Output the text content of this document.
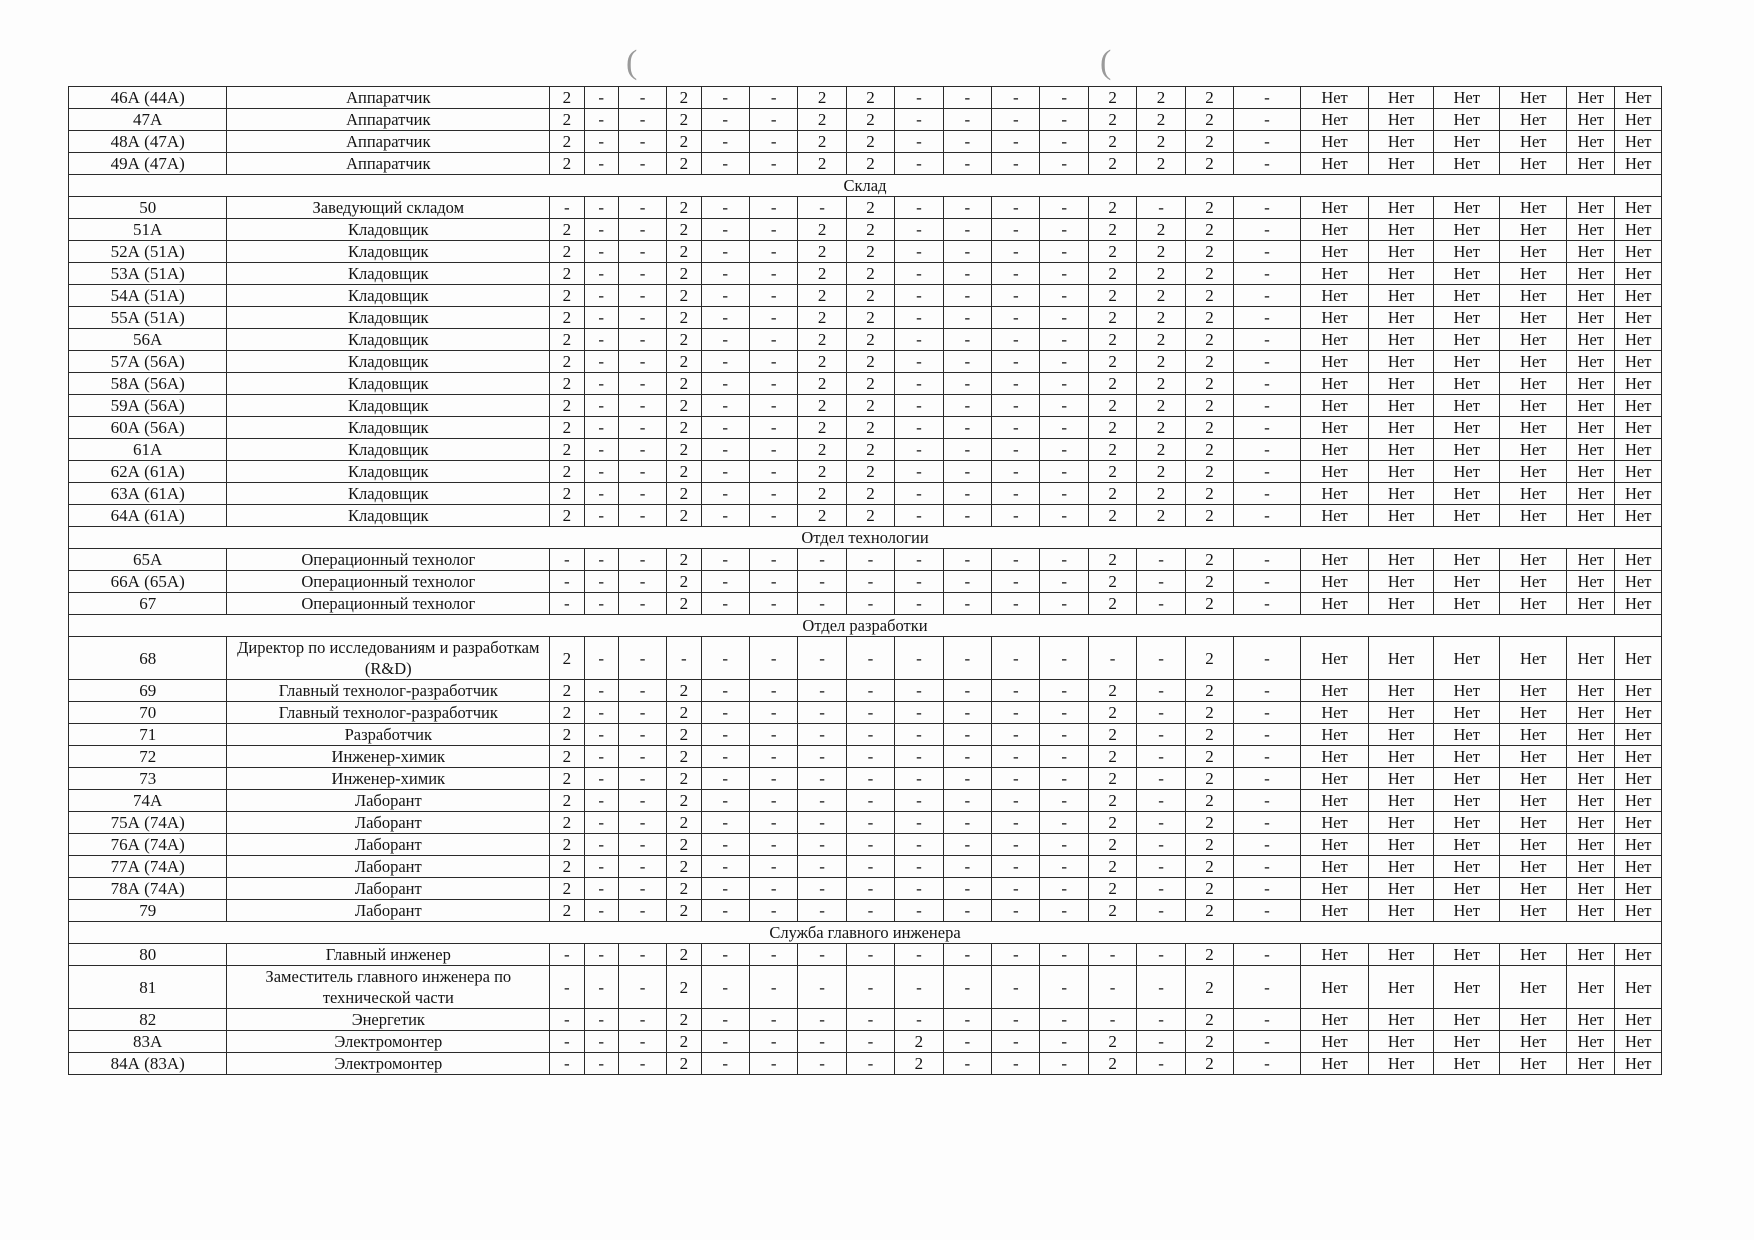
(	(
46А (44А)	Аппаратчик	2	-	-	2	-	-	2	2	-	-	-	-	2	2	2	-	Нет	Нет	Нет	Нет	Нет	Нет
47А	Аппаратчик	2	-	-	2	-	-	2	2	-	-	-	-	2	2	2	-	Нет	Нет	Нет	Нет	Нет	Нет
48А (47А)	Аппаратчик	2	-	-	2	-	-	2	2	-	-	-	-	2	2	2	-	Нет	Нет	Нет	Нет	Нет	Нет
49А (47А)	Аппаратчик	2	-	-	2	-	-	2	2	-	-	-	-	2	2	2	-	Нет	Нет	Нет	Нет	Нет	Нет
Склад																							
50	Заведующий складом	-	-	-	2	-	-	-	2	-	-	-	-	2	-	2	-	Нет	Нет	Нет	Нет	Нет	Нет
51А	Кладовщик	2	-	-	2	-	-	2	2	-	-	-	-	2	2	2	-	Нет	Нет	Нет	Нет	Нет	Нет
52А (51А)	Кладовщик	2	-	-	2	-	-	2	2	-	-	-	-	2	2	2	-	Нет	Нет	Нет	Нет	Нет	Нет
53А (51А)	Кладовщик	2	-	-	2	-	-	2	2	-	-	-	-	2	2	2	-	Нет	Нет	Нет	Нет	Нет	Нет
54А (51А)	Кладовщик	2	-	-	2	-	-	2	2	-	-	-	-	2	2	2	-	Нет	Нет	Нет	Нет	Нет	Нет
55А (51А)	Кладовщик	2	-	-	2	-	-	2	2	-	-	-	-	2	2	2	-	Нет	Нет	Нет	Нет	Нет	Нет
56А	Кладовщик	2	-	-	2	-	-	2	2	-	-	-	-	2	2	2	-	Нет	Нет	Нет	Нет	Нет	Нет
57А (56А)	Кладовщик	2	-	-	2	-	-	2	2	-	-	-	-	2	2	2	-	Нет	Нет	Нет	Нет	Нет	Нет
58А (56А)	Кладовщик	2	-	-	2	-	-	2	2	-	-	-	-	2	2	2	-	Нет	Нет	Нет	Нет	Нет	Нет
59А (56А)	Кладовщик	2	-	-	2	-	-	2	2	-	-	-	-	2	2	2	-	Нет	Нет	Нет	Нет	Нет	Нет
60А (56А)	Кладовщик	2	-	-	2	-	-	2	2	-	-	-	-	2	2	2	-	Нет	Нет	Нет	Нет	Нет	Нет
61А	Кладовщик	2	-	-	2	-	-	2	2	-	-	-	-	2	2	2	-	Нет	Нет	Нет	Нет	Нет	Нет
62А (61А)	Кладовщик	2	-	-	2	-	-	2	2	-	-	-	-	2	2	2	-	Нет	Нет	Нет	Нет	Нет	Нет
63А (61А)	Кладовщик	2	-	-	2	-	-	2	2	-	-	-	-	2	2	2	-	Нет	Нет	Нет	Нет	Нет	Нет
64А (61А)	Кладовщик	2	-	-	2	-	-	2	2	-	-	-	-	2	2	2	-	Нет	Нет	Нет	Нет	Нет	Нет
Отдел технологии																							
65А	Операционный технолог	-	-	-	2	-	-	-	-	-	-	-	-	2	-	2	-	Нет	Нет	Нет	Нет	Нет	Нет
66А (65А)	Операционный технолог	-	-	-	2	-	-	-	-	-	-	-	-	2	-	2	-	Нет	Нет	Нет	Нет	Нет	Нет
67	Операционный технолог	-	-	-	2	-	-	-	-	-	-	-	-	2	-	2	-	Нет	Нет	Нет	Нет	Нет	Нет
Отдел разработки																							
68	Директор по исследованиям и разработкам (R&D)	2	-	-	-	-	-	-	-	-	-	-	-	-	-	2	-	Нет	Нет	Нет	Нет	Нет	Нет
69	Главный технолог-разработчик	2	-	-	2	-	-	-	-	-	-	-	-	2	-	2	-	Нет	Нет	Нет	Нет	Нет	Нет
70	Главный технолог-разработчик	2	-	-	2	-	-	-	-	-	-	-	-	2	-	2	-	Нет	Нет	Нет	Нет	Нет	Нет
71	Разработчик	2	-	-	2	-	-	-	-	-	-	-	-	2	-	2	-	Нет	Нет	Нет	Нет	Нет	Нет
72	Инженер-химик	2	-	-	2	-	-	-	-	-	-	-	-	2	-	2	-	Нет	Нет	Нет	Нет	Нет	Нет
73	Инженер-химик	2	-	-	2	-	-	-	-	-	-	-	-	2	-	2	-	Нет	Нет	Нет	Нет	Нет	Нет
74А	Лаборант	2	-	-	2	-	-	-	-	-	-	-	-	2	-	2	-	Нет	Нет	Нет	Нет	Нет	Нет
75А (74А)	Лаборант	2	-	-	2	-	-	-	-	-	-	-	-	2	-	2	-	Нет	Нет	Нет	Нет	Нет	Нет
76А (74А)	Лаборант	2	-	-	2	-	-	-	-	-	-	-	-	2	-	2	-	Нет	Нет	Нет	Нет	Нет	Нет
77А (74А)	Лаборант	2	-	-	2	-	-	-	-	-	-	-	-	2	-	2	-	Нет	Нет	Нет	Нет	Нет	Нет
78А (74А)	Лаборант	2	-	-	2	-	-	-	-	-	-	-	-	2	-	2	-	Нет	Нет	Нет	Нет	Нет	Нет
79	Лаборант	2	-	-	2	-	-	-	-	-	-	-	-	2	-	2	-	Нет	Нет	Нет	Нет	Нет	Нет
Служба главного инженера																							
80	Главный инженер	-	-	-	2	-	-	-	-	-	-	-	-	-	-	2	-	Нет	Нет	Нет	Нет	Нет	Нет
81	Заместитель главного инженера по технической части	-	-	-	2	-	-	-	-	-	-	-	-	-	-	2	-	Нет	Нет	Нет	Нет	Нет	Нет
82	Энергетик	-	-	-	2	-	-	-	-	-	-	-	-	-	-	2	-	Нет	Нет	Нет	Нет	Нет	Нет
83А	Электромонтер	-	-	-	2	-	-	-	-	2	-	-	-	2	-	2	-	Нет	Нет	Нет	Нет	Нет	Нет
84А (83А)	Электромонтер	-	-	-	2	-	-	-	-	2	-	-	-	2	-	2	-	Нет	Нет	Нет	Нет	Нет	Нет
